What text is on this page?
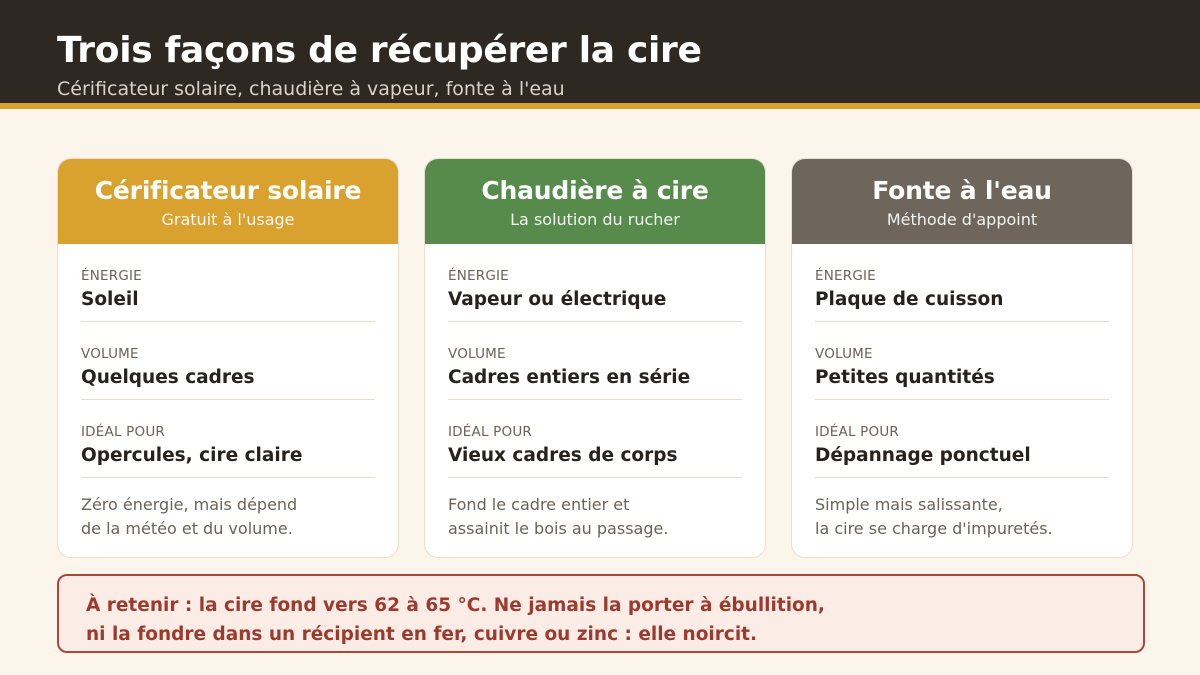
Trois façons de récupérer la cire
Cérificateur solaire, chaudière à vapeur, fonte à l'eau
Cérificateur solaire
Gratuit à l'usage
ÉNERGIE
Soleil
VOLUME
Quelques cadres
IDÉAL POUR
Opercules, cire claire
Zéro énergie, mais dépend
de la météo et du volume.
Chaudière à cire
La solution du rucher
ÉNERGIE
Vapeur ou électrique
VOLUME
Cadres entiers en série
IDÉAL POUR
Vieux cadres de corps
Fond le cadre entier et
assainit le bois au passage.
Fonte à l'eau
Méthode d'appoint
ÉNERGIE
Plaque de cuisson
VOLUME
Petites quantités
IDÉAL POUR
Dépannage ponctuel
Simple mais salissante,
la cire se charge d'impuretés.
À retenir : la cire fond vers 62 à 65 °C. Ne jamais la porter à ébullition,
ni la fondre dans un récipient en fer, cuivre ou zinc : elle noircit.
